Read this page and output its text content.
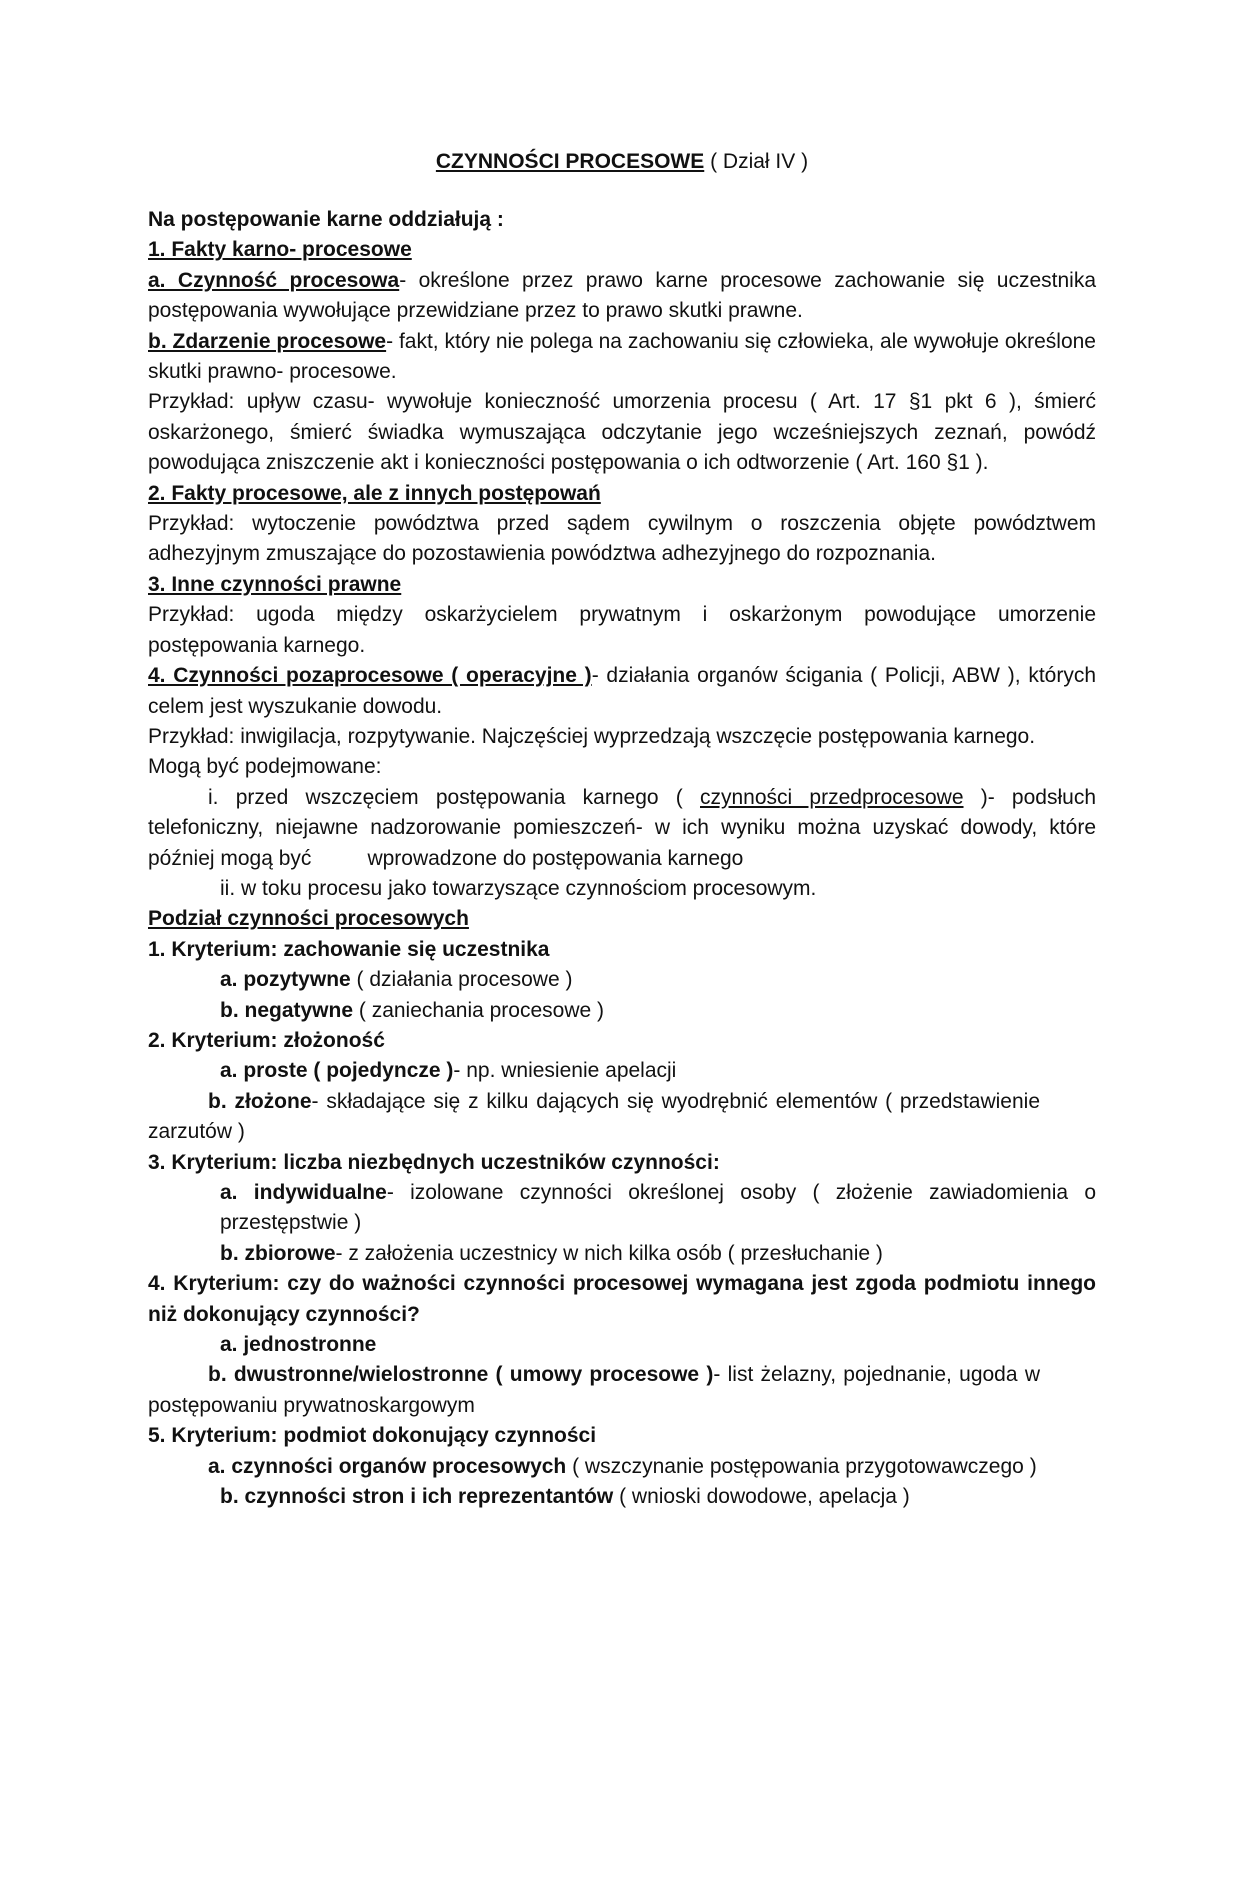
CZYNNOŚCI PROCESOWE ( Dział IV )

Na postępowanie karne oddziałują :

1. Fakty karno- procesowe

a. Czynność procesowa- określone przez prawo karne procesowe zachowanie się uczestnika postępowania wywołujące przewidziane przez to prawo skutki prawne.

b. Zdarzenie procesowe- fakt, który nie polega na zachowaniu się człowieka, ale wywołuje określone skutki prawno- procesowe.

Przykład: upływ czasu- wywołuje konieczność umorzenia procesu ( Art. 17 §1 pkt 6 ), śmierć oskarżonego, śmierć świadka wymuszająca odczytanie jego wcześniejszych zeznań, powódź powodująca zniszczenie akt i konieczności postępowania o ich odtworzenie ( Art. 160 §1 ).

2. Fakty procesowe, ale z innych postępowań

Przykład: wytoczenie powództwa przed sądem cywilnym o roszczenia objęte powództwem adhezyjnym zmuszające do pozostawienia powództwa adhezyjnego do rozpoznania.

3. Inne czynności prawne

Przykład: ugoda między oskarżycielem prywatnym i oskarżonym powodujące umorzenie postępowania karnego.

4. Czynności pozaprocesowe ( operacyjne )- działania organów ścigania ( Policji, ABW ), których celem jest wyszukanie dowodu.

Przykład: inwigilacja, rozpytywanie. Najczęściej wyprzedzają wszczęcie postępowania karnego.

Mogą być podejmowane:

i. przed wszczęciem postępowania karnego ( czynności przedprocesowe )- podsłuch telefoniczny, niejawne nadzorowanie pomieszczeń- w ich wyniku można uzyskać dowody, które później mogą być	wprowadzone do postępowania karnego

ii. w toku procesu jako towarzyszące czynnościom procesowym.

Podział czynności procesowych

1. Kryterium: zachowanie się uczestnika

a. pozytywne ( działania procesowe )

b. negatywne ( zaniechania procesowe )

2. Kryterium: złożoność

a. proste ( pojedyncze )- np. wniesienie apelacji

b. złożone- składające się z kilku dających się wyodrębnić elementów ( przedstawieniezarzutów )

3. Kryterium: liczba niezbędnych uczestników czynności:

a. indywidualne- izolowane czynności określonej osoby ( złożenie zawiadomienia o przestępstwie )

b. zbiorowe- z założenia uczestnicy w nich kilka osób ( przesłuchanie )

4. Kryterium: czy do ważności czynności procesowej wymagana jest zgoda podmiotu innego niż dokonujący czynności?

a. jednostronne

b. dwustronne/wielostronne ( umowy procesowe )- list żelazny, pojednanie, ugoda wpostępowaniu prywatnoskargowym

5. Kryterium: podmiot dokonujący czynności

a. czynności organów procesowych ( wszczynanie postępowania przygotowawczego )

b. czynności stron i ich reprezentantów ( wnioski dowodowe, apelacja )
